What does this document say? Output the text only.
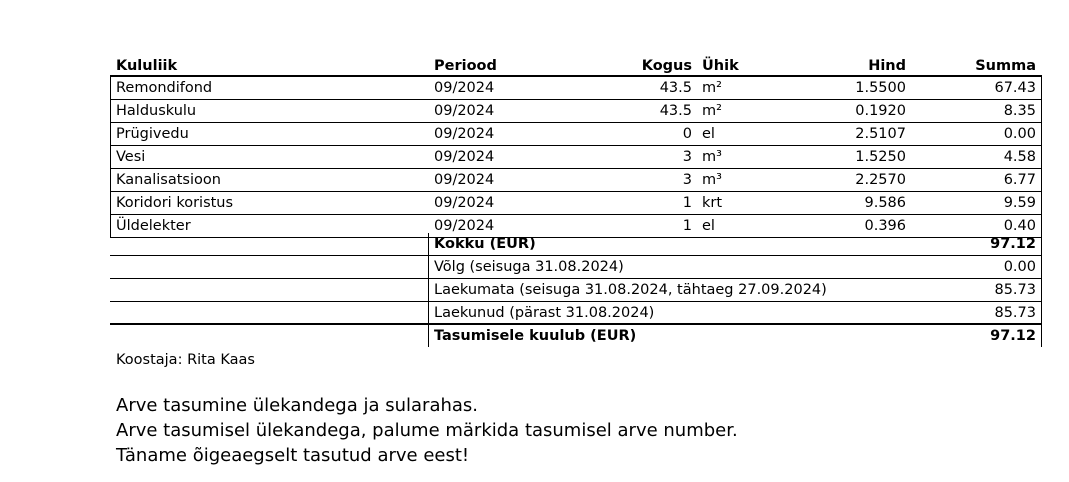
Kululiik	Periood	Kogus Ühik	Hind	Summa
Remondifond	09/2024	43.5 m²	1.5500	67.43
Halduskulu	09/2024	43.5 m²	0.1920	8.35
Prügivedu	09/2024	0 el	2.5107	0.00
Vesi	09/2024	3 m³	1.5250	4.58
Kanalisatsioon	09/2024	3 m³	2.2570	6.77
Koridori koristus	09/2024	1 krt	9.586	9.59
Üldelekter	09/2024	1 el	0.396	0.40
Kokku (EUR)	97.12
Võlg (seisuga 31.08.2024)	0.00
Laekumata (seisuga 31.08.2024, tähtaeg 27.09.2024)	85.73
Laekunud (pärast 31.08.2024)	85.73
Tasumisele kuulub (EUR)	97.12
Koostaja: Rita Kaas
Arve tasumine ülekandega ja sularahas.
Arve tasumisel ülekandega, palume märkida tasumisel arve number.
Täname õigeaegselt tasutud arve eest!
